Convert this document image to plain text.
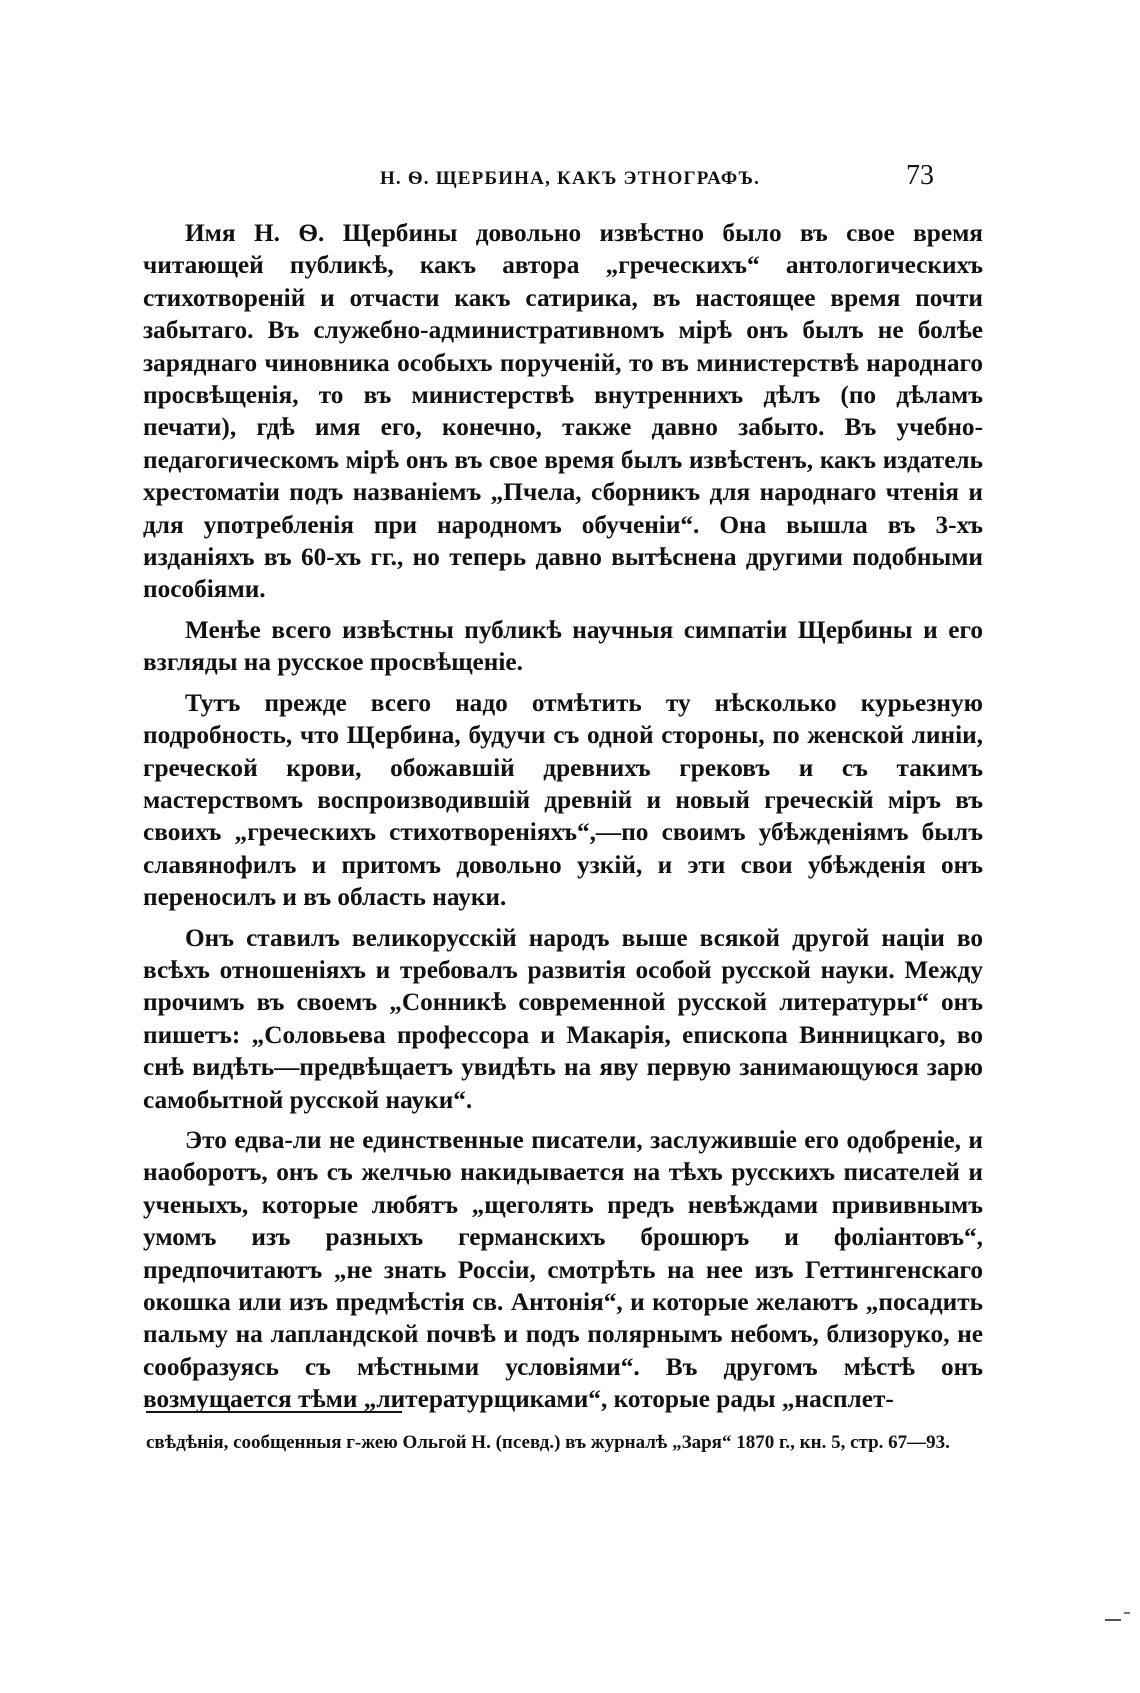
Н. Ѳ. ЩЕРБИНА, КАКЪ ЭТНОГРАФЪ.	73

Имя Н. Ѳ. Щербины довольно извѣстно было въ свое время читающей публикѣ, какъ автора „греческихъ“ антологическихъ стихотвореній и отчасти какъ сатирика, въ настоящее время почти забытаго. Въ служебно-административномъ мірѣ онъ былъ не болѣе заряднаго чиновника особыхъ порученій, то въ министерствѣ народнаго просвѣщенія, то въ министерствѣ внутреннихъ дѣлъ (по дѣламъ печати), гдѣ имя его, конечно, также давно забыто. Въ учебно-педагогическомъ мірѣ онъ въ свое время былъ извѣстенъ, какъ издатель хрестоматіи подъ названіемъ „Пчела, сборникъ для народнаго чтенія и для употребленія при народномъ обученіи“. Она вышла въ 3-хъ изданіяхъ въ 60-хъ гг., но теперь давно вытѣснена другими подобными пособіями.

Менѣе всего извѣстны публикѣ научныя симпатіи Щербины и его взгляды на русское просвѣщеніе.

Тутъ прежде всего надо отмѣтить ту нѣсколько курьезную подробность, что Щербина, будучи съ одной стороны, по женской линіи, греческой крови, обожавшій древнихъ грековъ и съ такимъ мастерствомъ воспроизводившій древній и новый греческій міръ въ своихъ „греческихъ стихотвореніяхъ“,—по своимъ убѣжденіямъ былъ славянофилъ и притомъ довольно узкій, и эти свои убѣжденія онъ переносилъ и въ область науки.

Онъ ставилъ великорусскій народъ выше всякой другой націи во всѣхъ отношеніяхъ и требовалъ развитія особой русской науки. Между прочимъ въ своемъ „Сонникѣ современной русской литературы“ онъ пишетъ: „Соловьева профессора и Макарія, епископа Винницкаго, во снѣ видѣть—предвѣщаетъ увидѣть на яву первую занимающуюся зарю самобытной русской науки“.

Это едва-ли не единственные писатели, заслужившіе его одобреніе, и наоборотъ, онъ съ желчью накидывается на тѣхъ русскихъ писателей и ученыхъ, которые любятъ „щеголять предъ невѣждами прививнымъ умомъ изъ разныхъ германскихъ брошюръ и фоліантовъ“, предпочитаютъ „не знать Россіи, смотрѣть на нее изъ Геттингенскаго окошка или изъ предмѣстія св. Антонія“, и которые желаютъ „посадить пальму на лапландской почвѣ и подъ полярнымъ небомъ, близоруко, не сообразуясь съ мѣстными условіями“. Въ другомъ мѣстѣ онъ возмущается тѣми „литературщиками“, которые рады „насплет-

свѣдѣнія, сообщенныя г-жею Ольгой Н. (псевд.) въ журналѣ „Заря“ 1870 г., кн. 5, стр. 67—93.
